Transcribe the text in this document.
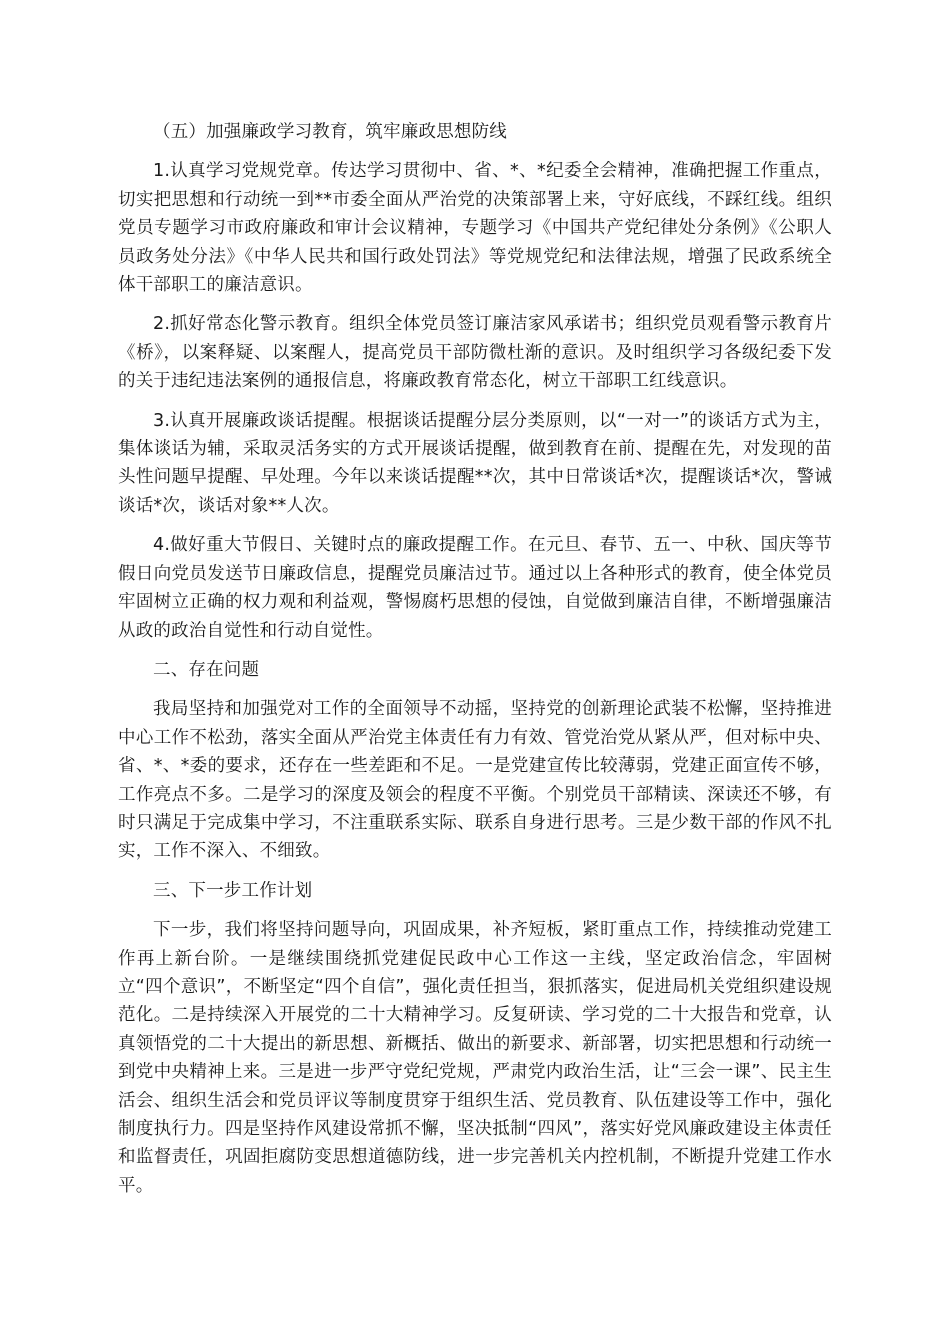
（五）加强廉政学习教育，筑牢廉政思想防线

1.认真学习党规党章。传达学习贯彻中、省、*、*纪委全会精神，准确把握工作重点，切实把思想和行动统一到**市委全面从严治党的决策部署上来，守好底线，不踩红线。组织党员专题学习市政府廉政和审计会议精神，专题学习《中国共产党纪律处分条例》《公职人员政务处分法》《中华人民共和国行政处罚法》等党规党纪和法律法规，增强了民政系统全体干部职工的廉洁意识。

2.抓好常态化警示教育。组织全体党员签订廉洁家风承诺书；组织党员观看警示教育片《桥》，以案释疑、以案醒人，提高党员干部防微杜渐的意识。及时组织学习各级纪委下发的关于违纪违法案例的通报信息，将廉政教育常态化，树立干部职工红线意识。

3.认真开展廉政谈话提醒。根据谈话提醒分层分类原则，以“一对一”的谈话方式为主，集体谈话为辅，采取灵活务实的方式开展谈话提醒，做到教育在前、提醒在先，对发现的苗头性问题早提醒、早处理。今年以来谈话提醒**次，其中日常谈话*次，提醒谈话*次，警诫谈话*次，谈话对象**人次。

4.做好重大节假日、关键时点的廉政提醒工作。在元旦、春节、五一、中秋、国庆等节假日向党员发送节日廉政信息，提醒党员廉洁过节。通过以上各种形式的教育，使全体党员牢固树立正确的权力观和利益观，警惕腐朽思想的侵蚀，自觉做到廉洁自律，不断增强廉洁从政的政治自觉性和行动自觉性。

二、存在问题

我局坚持和加强党对工作的全面领导不动摇，坚持党的创新理论武装不松懈，坚持推进中心工作不松劲，落实全面从严治党主体责任有力有效、管党治党从紧从严，但对标中央、省、*、*委的要求，还存在一些差距和不足。一是党建宣传比较薄弱，党建正面宣传不够，工作亮点不多。二是学习的深度及领会的程度不平衡。个别党员干部精读、深读还不够，有时只满足于完成集中学习，不注重联系实际、联系自身进行思考。三是少数干部的作风不扎实，工作不深入、不细致。

三、下一步工作计划

下一步，我们将坚持问题导向，巩固成果，补齐短板，紧盯重点工作，持续推动党建工作再上新台阶。一是继续围绕抓党建促民政中心工作这一主线，坚定政治信念，牢固树立“四个意识”，不断坚定“四个自信”，强化责任担当，狠抓落实，促进局机关党组织建设规范化。二是持续深入开展党的二十大精神学习。反复研读、学习党的二十大报告和党章，认真领悟党的二十大提出的新思想、新概括、做出的新要求、新部署，切实把思想和行动统一到党中央精神上来。三是进一步严守党纪党规，严肃党内政治生活，让“三会一课”、民主生活会、组织生活会和党员评议等制度贯穿于组织生活、党员教育、队伍建设等工作中，强化制度执行力。四是坚持作风建设常抓不懈，坚决抵制“四风”，落实好党风廉政建设主体责任和监督责任，巩固拒腐防变思想道德防线，进一步完善机关内控机制，不断提升党建工作水平。
